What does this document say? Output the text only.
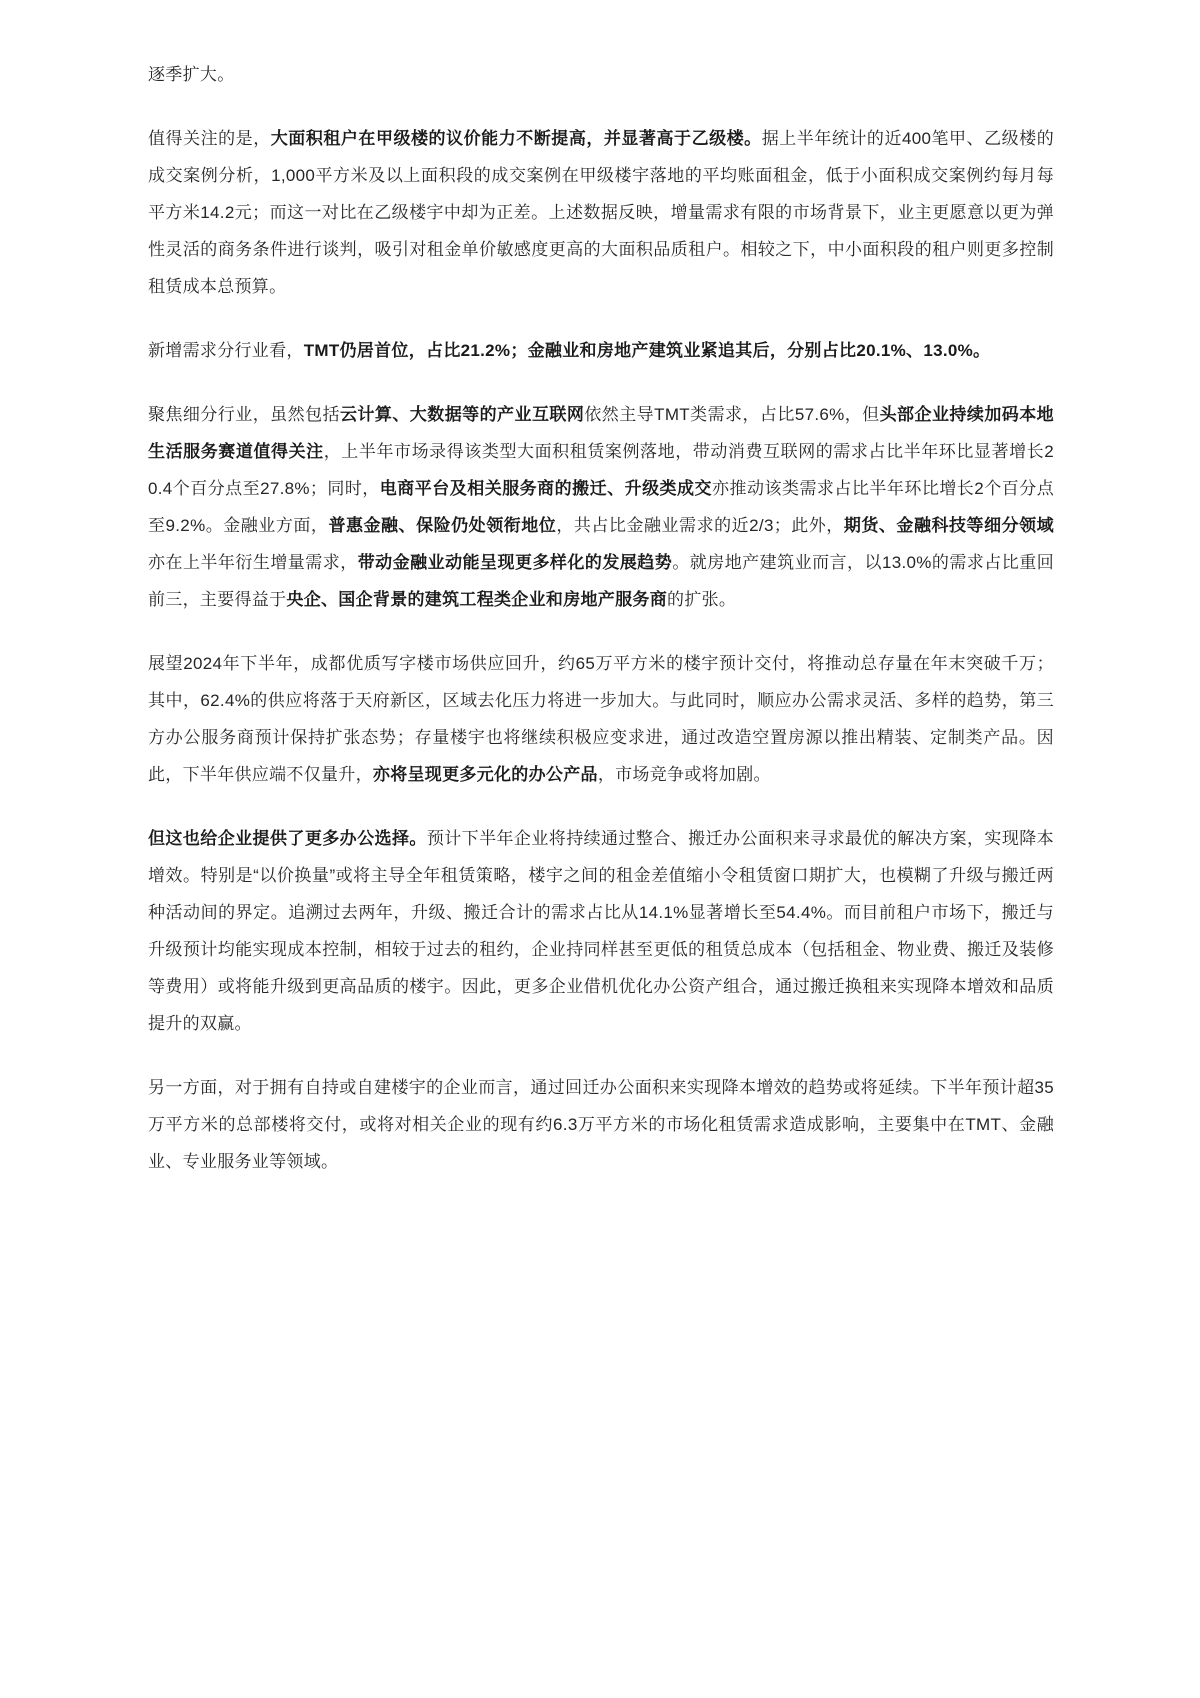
逐季扩大。

值得关注的是，大面积租户在甲级楼的议价能力不断提高，并显著高于乙级楼。据上半年统计的近400笔甲、乙级楼的成交案例分析，1,000平方米及以上面积段的成交案例在甲级楼宇落地的平均账面租金，低于小面积成交案例约每月每平方米14.2元；而这一对比在乙级楼宇中却为正差。上述数据反映，增量需求有限的市场背景下，业主更愿意以更为弹性灵活的商务条件进行谈判，吸引对租金单价敏感度更高的大面积品质租户。相较之下，中小面积段的租户则更多控制租赁成本总预算。

新增需求分行业看，TMT仍居首位，占比21.2%；金融业和房地产建筑业紧追其后，分别占比20.1%、13.0%。

聚焦细分行业，虽然包括云计算、大数据等的产业互联网依然主导TMT类需求，占比57.6%，但头部企业持续加码本地生活服务赛道值得关注，上半年市场录得该类型大面积租赁案例落地，带动消费互联网的需求占比半年环比显著增长20.4个百分点至27.8%；同时，电商平台及相关服务商的搬迁、升级类成交亦推动该类需求占比半年环比增长2个百分点至9.2%。金融业方面，普惠金融、保险仍处领衔地位，共占比金融业需求的近2/3；此外，期货、金融科技等细分领域亦在上半年衍生增量需求，带动金融业动能呈现更多样化的发展趋势。就房地产建筑业而言，以13.0%的需求占比重回前三，主要得益于央企、国企背景的建筑工程类企业和房地产服务商的扩张。

展望2024年下半年，成都优质写字楼市场供应回升，约65万平方米的楼宇预计交付，将推动总存量在年末突破千万；其中，62.4%的供应将落于天府新区，区域去化压力将进一步加大。与此同时，顺应办公需求灵活、多样的趋势，第三方办公服务商预计保持扩张态势；存量楼宇也将继续积极应变求进，通过改造空置房源以推出精装、定制类产品。因此，下半年供应端不仅量升，亦将呈现更多元化的办公产品，市场竞争或将加剧。

但这也给企业提供了更多办公选择。预计下半年企业将持续通过整合、搬迁办公面积来寻求最优的解决方案，实现降本增效。特别是“以价换量”或将主导全年租赁策略，楼宇之间的租金差值缩小令租赁窗口期扩大，也模糊了升级与搬迁两种活动间的界定。追溯过去两年，升级、搬迁合计的需求占比从14.1%显著增长至54.4%。而目前租户市场下，搬迁与升级预计均能实现成本控制，相较于过去的租约，企业持同样甚至更低的租赁总成本（包括租金、物业费、搬迁及装修等费用）或将能升级到更高品质的楼宇。因此，更多企业借机优化办公资产组合，通过搬迁换租来实现降本增效和品质提升的双赢。

另一方面，对于拥有自持或自建楼宇的企业而言，通过回迁办公面积来实现降本增效的趋势或将延续。下半年预计超35万平方米的总部楼将交付，或将对相关企业的现有约6.3万平方米的市场化租赁需求造成影响，主要集中在TMT、金融业、专业服务业等领域。
